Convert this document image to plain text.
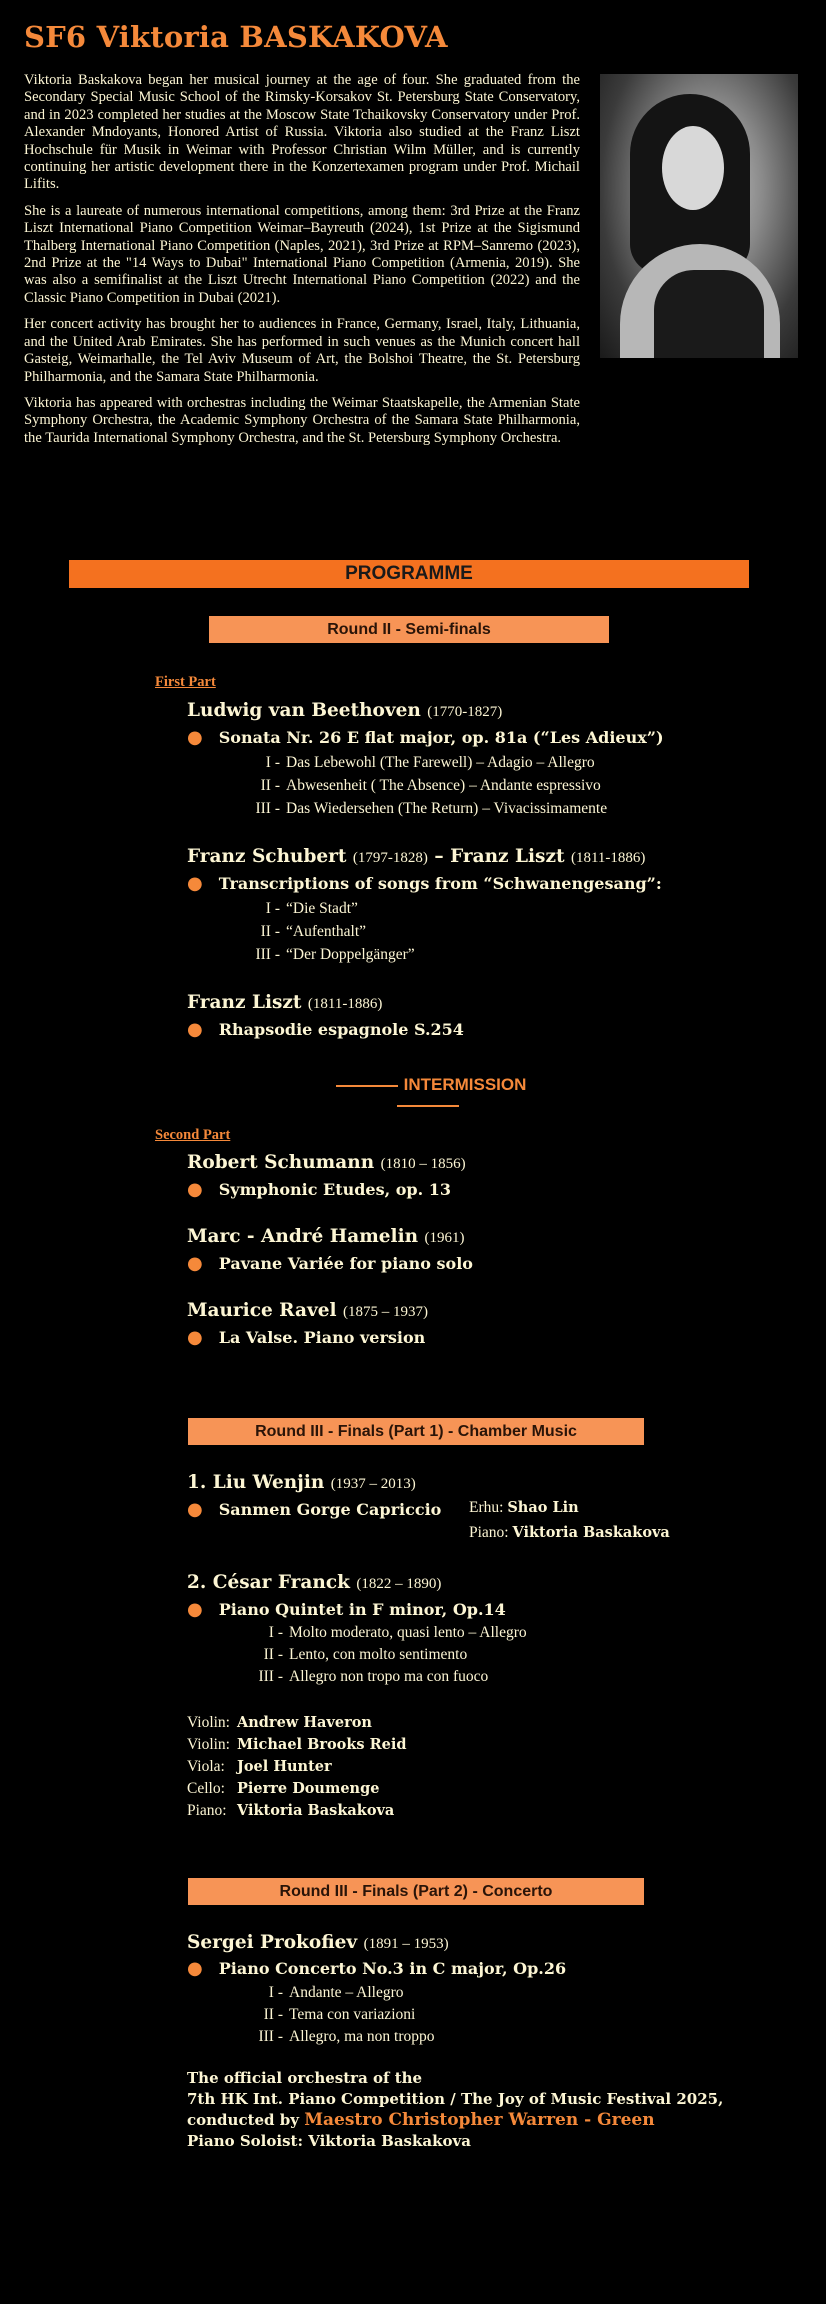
SF6 Viktoria BASKAKOVA

Viktoria Baskakova began her musical journey at the age of four. She graduated from the Secondary Special Music School of the Rimsky-Korsakov St. Petersburg State Conservatory, and in 2023 completed her studies at the Moscow State Tchaikovsky Conservatory under Prof. Alexander Mndoyants, Honored Artist of Russia. Viktoria also studied at the Franz Liszt Hochschule für Musik in Weimar with Professor Christian Wilm Müller, and is currently continuing her artistic development there in the Konzertexamen program under Prof. Michail Lifits.

She is a laureate of numerous international competitions, among them: 3rd Prize at the Franz Liszt International Piano Competition Weimar–Bayreuth (2024), 1st Prize at the Sigismund Thalberg International Piano Competition (Naples, 2021), 3rd Prize at RPM–Sanremo (2023), 2nd Prize at the "14 Ways to Dubai" International Piano Competition (Armenia, 2019). She was also a semifinalist at the Liszt Utrecht International Piano Competition (2022) and the Classic Piano Competition in Dubai (2021).

Her concert activity has brought her to audiences in France, Germany, Israel, Italy, Lithuania, and the United Arab Emirates. She has performed in such venues as the Munich concert hall Gasteig, Weimarhalle, the Tel Aviv Museum of Art, the Bolshoi Theatre, the St. Petersburg Philharmonia, and the Samara State Philharmonia.

Viktoria has appeared with orchestras including the Weimar Staatskapelle, the Armenian State Symphony Orchestra, the Academic Symphony Orchestra of the Samara State Philharmonia, the Taurida International Symphony Orchestra, and the St. Petersburg Symphony Orchestra.

PROGRAMME
Round II - Semi-finals
First Part
Ludwig van Beethoven (1770-1827)
● Sonata Nr. 26 E flat major, op. 81a (“Les Adieux”)
I - Das Lebewohl (The Farewell) – Adagio – Allegro
II - Abwesenheit ( The Absence) – Andante espressivo
III - Das Wiedersehen (The Return) – Vivacissimamente
Franz Schubert (1797-1828) – Franz Liszt (1811-1886)
● Transcriptions of songs from “Schwanengesang”:
I - “Die Stadt”
II - “Aufenthalt”
III - “Der Doppelgänger”
Franz Liszt (1811-1886)
● Rhapsodie espagnole S.254
INTERMISSION
Second Part
Robert Schumann (1810 – 1856)
● Symphonic Etudes, op. 13
Marc - André Hamelin (1961)
● Pavane Variée for piano solo
Maurice Ravel (1875 – 1937)
● La Valse. Piano version
Round III - Finals (Part 1) - Chamber Music
1. Liu Wenjin (1937 – 2013)
● Sanmen Gorge Capriccio Erhu: Shao Lin
Piano: Viktoria Baskakova
2. César Franck (1822 – 1890)
● Piano Quintet in F minor, Op.14
I - Molto moderato, quasi lento – Allegro
II - Lento, con molto sentimento
III - Allegro non tropo ma con fuoco
Violin: Andrew Haveron
Violin: Michael Brooks Reid
Viola: Joel Hunter
Cello: Pierre Doumenge
Piano: Viktoria Baskakova
Round III - Finals (Part 2) - Concerto
Sergei Prokofiev (1891 – 1953)
● Piano Concerto No.3 in C major, Op.26
I - Andante – Allegro
II - Tema con variazioni
III - Allegro, ma non troppo
The official orchestra of the
7th HK Int. Piano Competition / The Joy of Music Festival 2025,
conducted by Maestro Christopher Warren - Green
Piano Soloist: Viktoria Baskakova
